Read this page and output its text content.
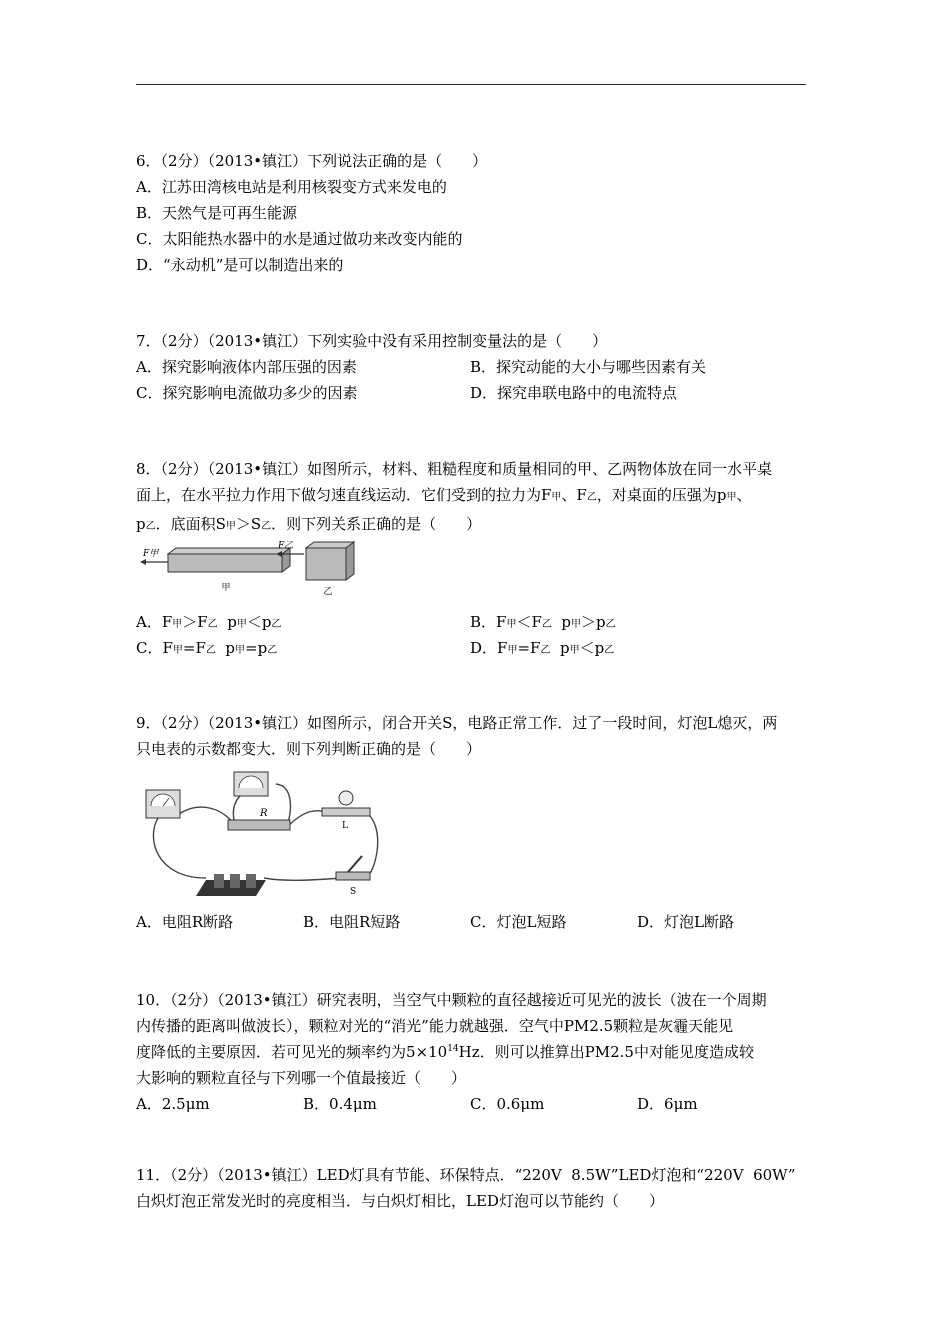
6．（2分）（2013•镇江）下列说法正确的是（　　）
A．江苏田湾核电站是利用核裂变方式来发电的
B．天然气是可再生能源
C．太阳能热水器中的水是通过做功来改变内能的
D．“永动机”是可以制造出来的
7．（2分）（2013•镇江）下列实验中没有采用控制变量法的是（　　）
A．探究影响液体内部压强的因素	B．探究动能的大小与哪些因素有关
C．探究影响电流做功多少的因素	D．探究串联电路中的电流特点
8．（2分）（2013•镇江）如图所示，材料、粗糙程度和质量相同的甲、乙两物体放在同一水平桌
面上，在水平拉力作用下做匀速直线运动．它们受到的拉力为F甲、F乙，对桌面的压强为p甲、
p乙．底面积S甲＞S乙．则下列关系正确的是（　　）
F甲
甲
F乙
乙
A．F甲＞F乙  p甲＜p乙	B．F甲＜F乙  p甲＞p乙
C．F甲=F乙  p甲=p乙	D．F甲=F乙  p甲＜p乙
9．（2分）（2013•镇江）如图所示，闭合开关S，电路正常工作．过了一段时间，灯泡L熄灭，两
只电表的示数都变大．则下列判断正确的是（　　）
R
L
S
A．电阻R断路	B．电阻R短路	C．灯泡L短路	D．灯泡L断路
10．（2分）（2013•镇江）研究表明，当空气中颗粒的直径越接近可见光的波长（波在一个周期
内传播的距离叫做波长），颗粒对光的“消光”能力就越强．空气中PM2.5颗粒是灰霾天能见
度降低的主要原因．若可见光的频率约为$5\times 10^{14}Hz$．则可以推算出PM2.5中对能见度造成较
大影响的颗粒直径与下列哪一个值最接近（　　）
A．2.5μm	B．0.4μm	C．0.6μm	D．6μm
11．（2分）（2013•镇江）LED灯具有节能、环保特点．“220V  8.5W”LED灯泡和“220V  60W”
白炽灯泡正常发光时的亮度相当．与白炽灯相比，LED灯泡可以节能约（　　）
